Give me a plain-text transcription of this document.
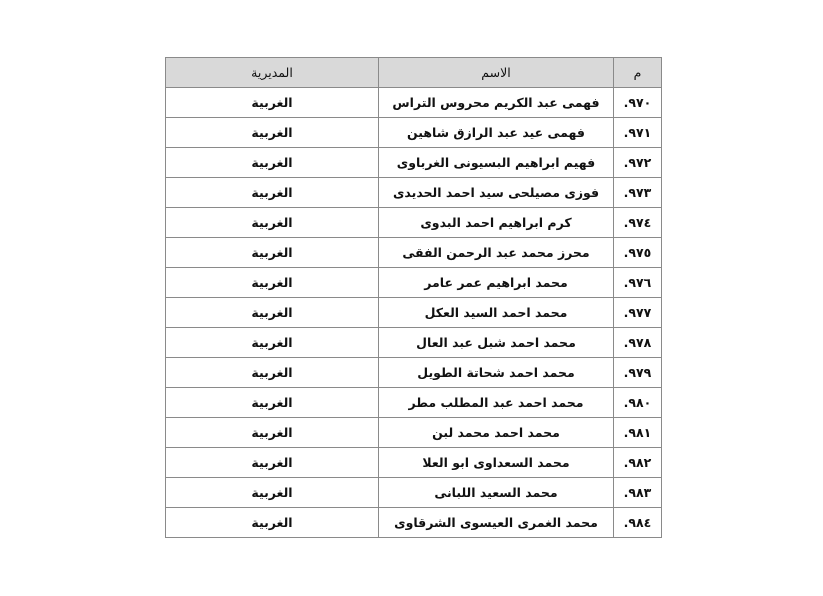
م	الاسم	المديرية
٩٧٠.	فهمى عبد الكريم محروس التراس	الغربية
٩٧١.	فهمى عيد عبد الرازق شاهين	الغربية
٩٧٢.	فهيم ابراهيم البسيونى الغرباوى	الغربية
٩٧٣.	فوزى مصيلحى سيد احمد الحديدى	الغربية
٩٧٤.	كرم ابراهيم احمد البدوى	الغربية
٩٧٥.	محرز محمد عبد الرحمن الفقى	الغربية
٩٧٦.	محمد ابراهيم عمر عامر	الغربية
٩٧٧.	محمد احمد السيد العكل	الغربية
٩٧٨.	محمد احمد شبل عبد العال	الغربية
٩٧٩.	محمد احمد شحاتة الطويل	الغربية
٩٨٠.	محمد احمد عبد المطلب مطر	الغربية
٩٨١.	محمد احمد محمد لبن	الغربية
٩٨٢.	محمد السعداوى ابو العلا	الغربية
٩٨٣.	محمد السعيد اللبانى	الغربية
٩٨٤.	محمد الغمرى العيسوى الشرقاوى	الغربية
